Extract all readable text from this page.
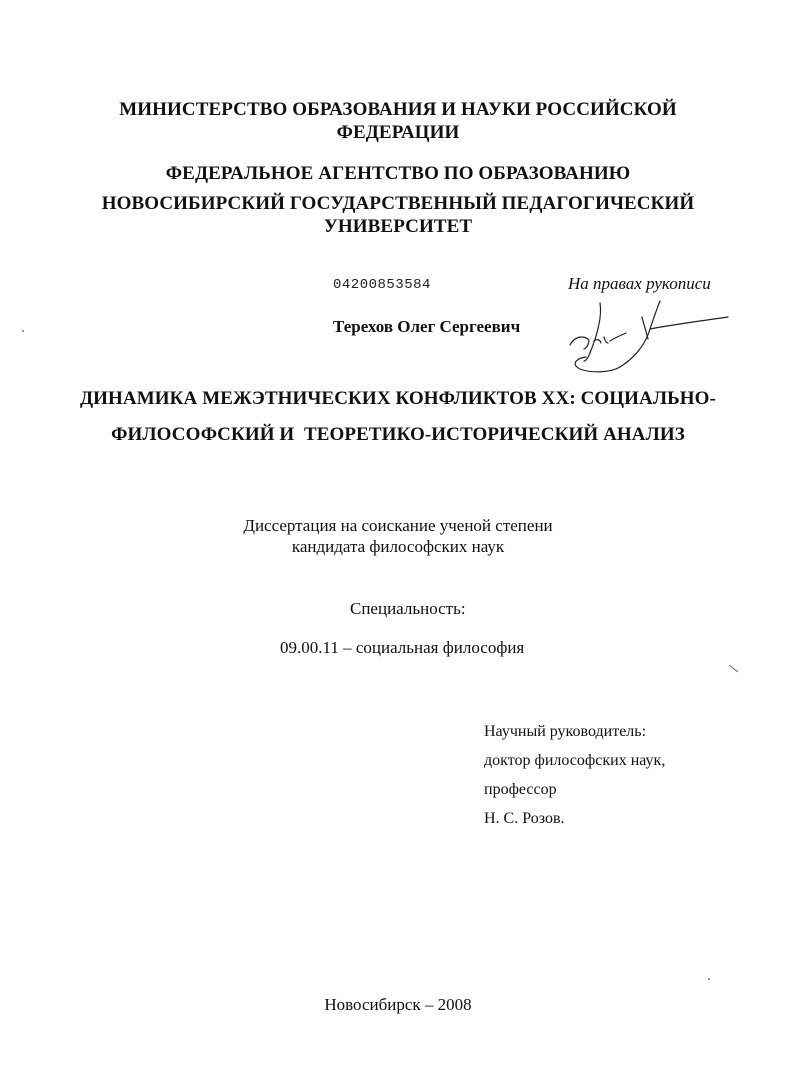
МИНИСТЕРСТВО ОБРАЗОВАНИЯ И НАУКИ РОССИЙСКОЙ
ФЕДЕРАЦИИ
ФЕДЕРАЛЬНОЕ АГЕНТСТВО ПО ОБРАЗОВАНИЮ
НОВОСИБИРСКИЙ ГОСУДАРСТВЕННЫЙ ПЕДАГОГИЧЕСКИЙ
УНИВЕРСИТЕТ
04200853584	На правах рукописи
Терехов Олег Сергеевич
ДИНАМИКА МЕЖЭТНИЧЕСКИХ КОНФЛИКТОВ XX: СОЦИАЛЬНО-
ФИЛОСОФСКИЙ И  ТЕОРЕТИКО-ИСТОРИЧЕСКИЙ АНАЛИЗ
Диссертация на соискание ученой степени
кандидата философских наук
Специальность:
09.00.11 – социальная философия
Научный руководитель:
доктор философских наук,
профессор
Н. С. Розов.
Новосибирск – 2008
